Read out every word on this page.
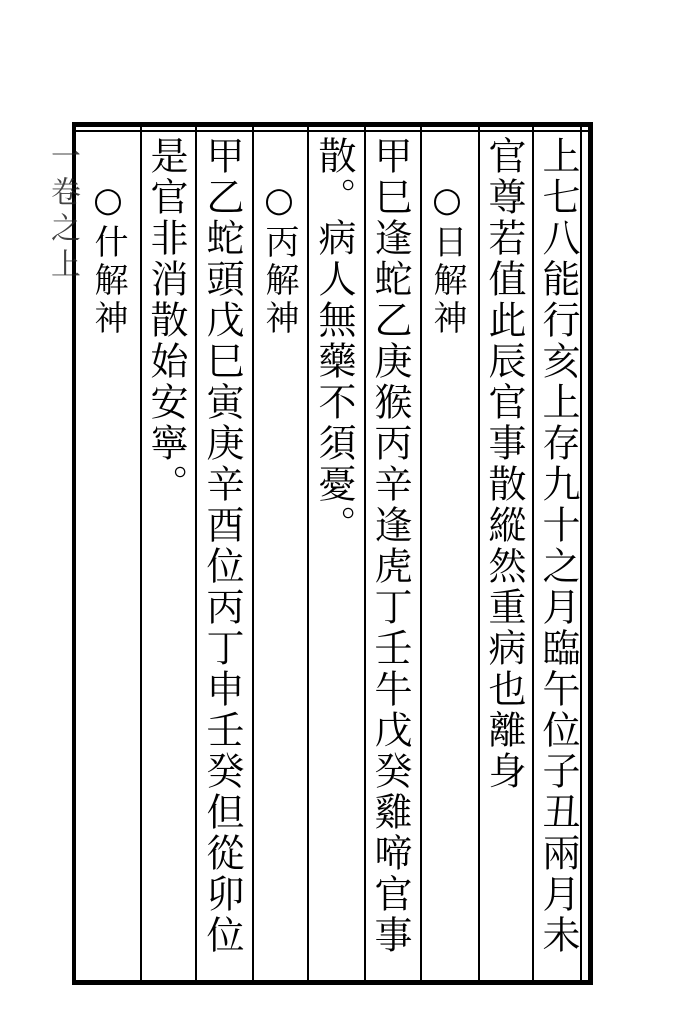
上七八能行亥上存九十之月臨午位子丑兩月未
官尊若值此辰官事散縱然重病也離身
○日解神
甲巳逢蛇乙庚猴丙辛逢虎丁壬牛戊癸雞啼官事
散。病人無藥不須憂。
○丙解神
甲乙蛇頭戊巳寅庚辛酉位丙丁申壬癸但從卯位
是官非消散始安寧。
○什解神
一卷之上
